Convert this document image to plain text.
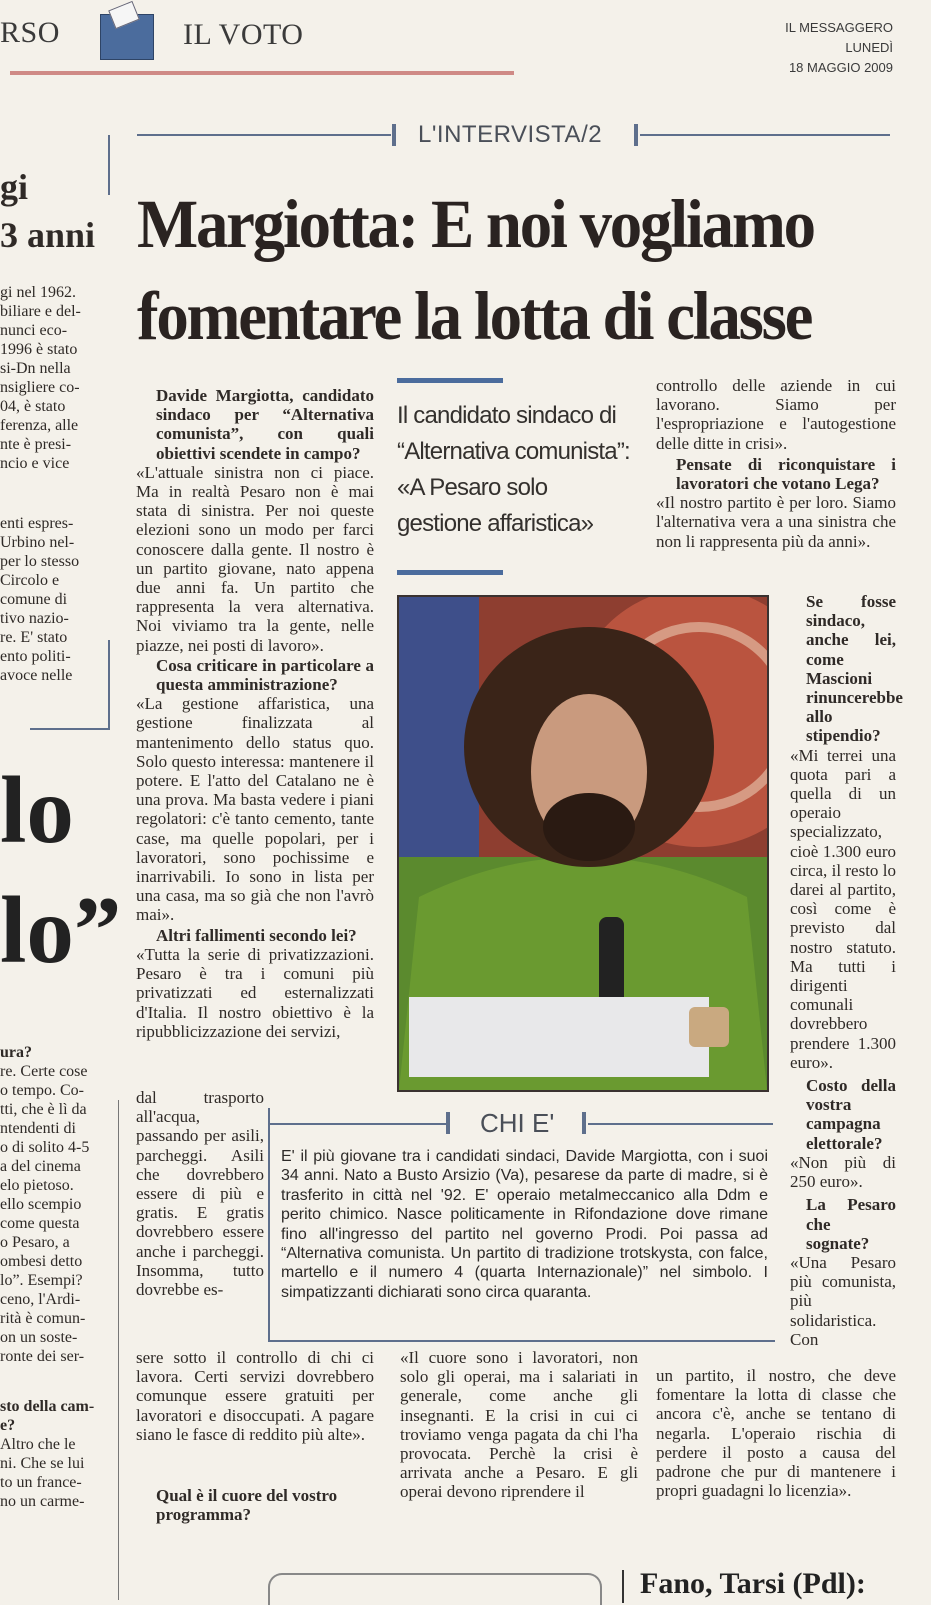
RSO	IL VOTO	IL MESSAGGERO
LUNEDÌ
18 MAGGIO 2009
L'INTERVISTA/2
Margiotta: E noi vogliamo
fomentare la lotta di classe
gi
3 anni
gi nel 1962.
biliare e del-
nunci eco-
1996 è stato
si-Dn nella
nsigliere co-
04, è stato
ferenza, alle
nte è presi-
ncio e vice
enti espres-
Urbino nel-
per lo stesso
Circolo e
comune di
tivo nazio-
re. E' stato
ento politi-
avoce nelle
lo
lo”
ura?
re. Certe cose
o tempo. Co-
tti, che è lì da
ntendenti di
o di solito 4-5
a del cinema
elo pietoso.
ello scempio
come questa
o Pesaro, a
ombesi detto
lo”. Esempi?
ceno, l'Ardi-
rità è comun-
on un soste-
ronte dei ser-
sto della cam-
e?
Altro che le
ni. Che se lui
to un france-
no un carme-

Davide Margiotta, candidato sindaco per “Alternativa comunista”, con quali obiettivi scendete in campo?

«L'attuale sinistra non ci piace. Ma in realtà Pesaro non è mai stata di sinistra. Per noi queste elezioni sono un modo per farci conoscere dalla gente. Il nostro è un partito giovane, nato appena due anni fa. Un partito che rappresenta la vera alternativa. Noi viviamo tra la gente, nelle piazze, nei posti di lavoro».

Cosa criticare in particolare a questa amministrazione?

«La gestione affaristica, una gestione finalizzata al mantenimento dello status quo. Solo questo interessa: mantenere il potere. E l'atto del Catalano ne è una prova. Ma basta vedere i piani regolatori: c'è tanto cemento, tante case, ma quelle popolari, per i lavoratori, sono pochissime e inarrivabili. Io sono in lista per una casa, ma so già che non l'avrò mai».

Altri fallimenti secondo lei?

«Tutta la serie di privatizzazioni. Pesaro è tra i comuni più privatizzati ed esternalizzati d'Italia. Il nostro obiettivo è la ripubblicizzazione dei servizi,

dal trasporto all'acqua, passando per asili, parcheggi. Asili che dovrebbero essere di più e gratis. E gratis dovrebbero essere anche i parcheggi. Insomma, tutto dovrebbe es-
sere sotto il controllo di chi ci lavora. Certi servizi dovrebbero comunque essere gratuiti per lavoratori e disoccupati. A pagare siano le fasce di reddito più alte».
Qual è il cuore del vostro programma?
Il candidato sindaco di “Alternativa comunista”: «A Pesaro solo gestione affaristica»

controllo delle aziende in cui lavorano. Siamo per l'espropriazione e l'autogestione delle ditte in crisi».

Pensate di riconquistare i lavoratori che votano Lega?

«Il nostro partito è per loro. Siamo l'alternativa vera a una sinistra che non li rappresenta più da anni».

Se fosse sindaco, anche lei, come Mascioni rinuncerebbe allo stipendio?

«Mi terrei una quota pari a quella di un operaio specializzato, cioè 1.300 euro circa, il resto lo darei al partito, così come è previsto dal nostro statuto. Ma tutti i dirigenti comunali dovrebbero prendere 1.300 euro».

Costo della vostra campagna elettorale?

«Non più di 250 euro».

La Pesaro che sognate?

«Una Pesaro più comunista, più solidaristica. Con

un partito, il nostro, che deve fomentare la lotta di classe che ancora c'è, anche se tentano di negarla. L'operaio rischia di perdere il posto a causa del padrone che pur di mantenere i propri guadagni lo licenzia».
CHI E'
E' il più giovane tra i candidati sindaci, Davide Margiotta, con i suoi 34 anni. Nato a Busto Arsizio (Va), pesarese da parte di madre, si è trasferito in città nel '92. E' operaio metalmeccanico alla Ddm e perito chimico. Nasce politicamente in Rifondazione dove rimane fino all'ingresso del partito nel governo Prodi. Poi passa ad “Alternativa comunista. Un partito di tradizione trotskysta, con falce, martello e il numero 4 (quarta Internazionale)” nel simbolo. I simpatizzanti dichiarati sono circa quaranta.
«Il cuore sono i lavoratori, non solo gli operai, ma i salariati in generale, come anche gli insegnanti. E la crisi in cui ci troviamo venga pagata da chi l'ha provocata. Perchè la crisi è arrivata anche a Pesaro. E gli operai devono riprendere il
Fano, Tarsi (Pdl):
